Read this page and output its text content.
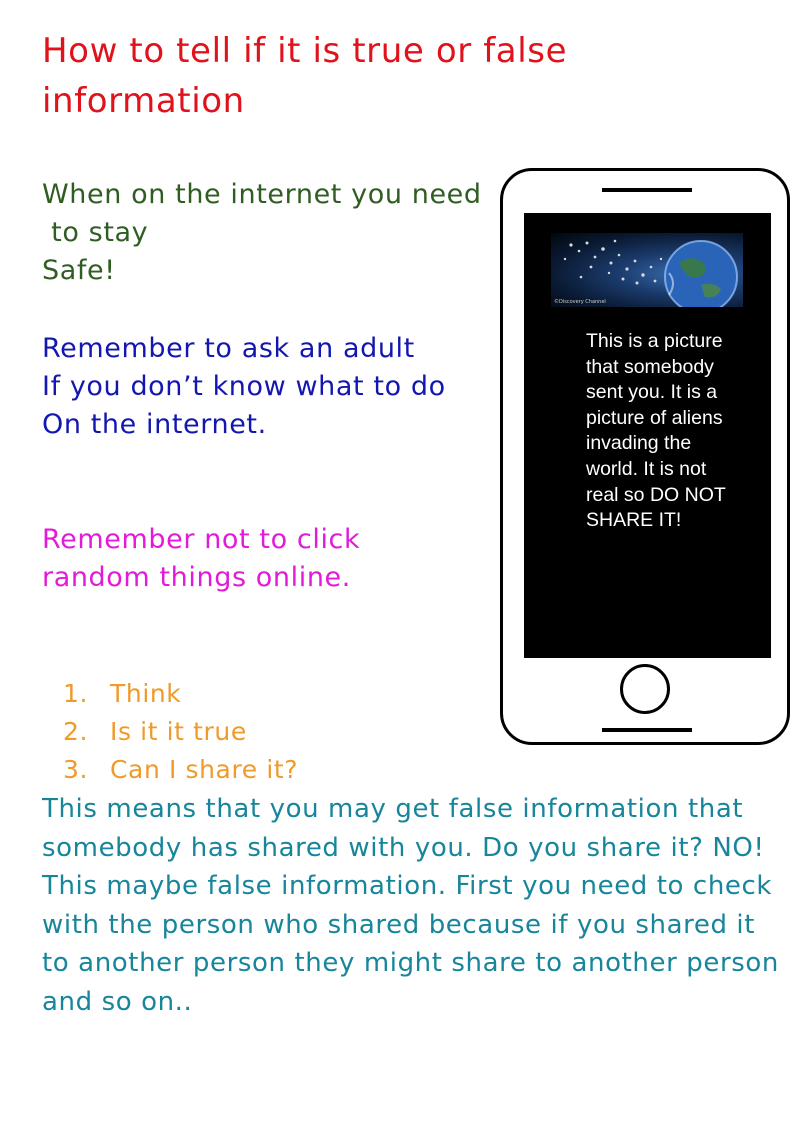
How to tell if it is true or false information
When on the internet you need
to stay
Safe!
Remember to ask an adult
If you don’t know what to do
On the internet.
Remember not to click
random things online.
1. Think
2. Is it it true
3. Can I share it?

This means that you may get false information that somebody has shared with you. Do you share it? NO! This maybe false information. First you need to check with the person who shared because if you shared it to another person they might share to another person and so on..

©Discovery Channel
This is a picture that somebody sent you. It is a picture of aliens invading the world. It is not real so DO NOT SHARE IT!
